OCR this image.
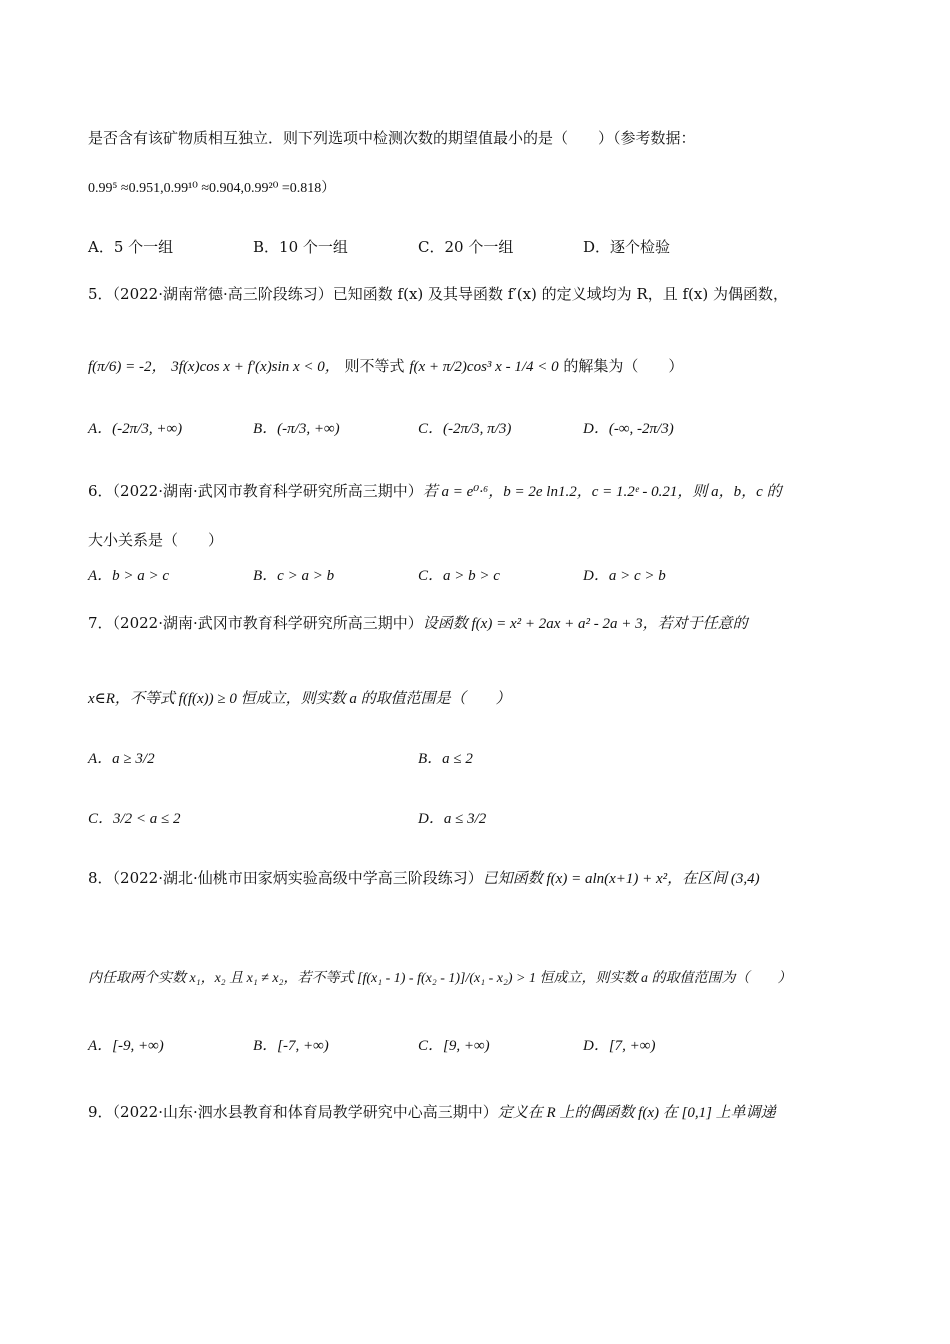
是否含有该矿物质相互独立．则下列选项中检测次数的期望值最小的是（　　）（参考数据：
0.99⁵ ≈0.951,0.99¹⁰ ≈0.904,0.99²⁰ =0.818）
A．5 个一组	B．10 个一组	C．20 个一组	D．逐个检验
5．（2022·湖南常德·高三阶段练习）已知函数 f(x) 及其导函数 f′(x) 的定义域均为 R，且 f(x) 为偶函数，
f(π/6) = -2， 3f(x)cos x + f′(x)sin x < 0， 则不等式 f(x + π/2)cos³ x - 1/4 < 0 的解集为（　　）
A．(-2π/3, +∞)	B．(-π/3, +∞)	C．(-2π/3, π/3)	D．(-∞, -2π/3)
6．（2022·湖南·武冈市教育科学研究所高三期中）若 a = e⁰·⁶，b = 2e ln1.2，c = 1.2ᵉ - 0.21，则 a，b，c 的
大小关系是（　　）
A．b > a > c	B．c > a > b	C．a > b > c	D．a > c > b
7．（2022·湖南·武冈市教育科学研究所高三期中）设函数 f(x) = x² + 2ax + a² - 2a + 3，若对于任意的
x∈R，不等式 f(f(x)) ≥ 0 恒成立，则实数 a 的取值范围是（　　）
A．a ≥ 3/2	B．a ≤ 2
C．3/2 < a ≤ 2	D．a ≤ 3/2
8．（2022·湖北·仙桃市田家炳实验高级中学高三阶段练习）已知函数 f(x) = aln(x+1) + x²，在区间 (3,4)
内任取两个实数 x₁，x₂ 且 x₁ ≠ x₂，若不等式 [f(x₁ - 1) - f(x₂ - 1)]/(x₁ - x₂) > 1 恒成立，则实数 a 的取值范围为（　　）
A．[-9, +∞)	B．[-7, +∞)	C．[9, +∞)	D．[7, +∞)
9．（2022·山东·泗水县教育和体育局教学研究中心高三期中）定义在 R 上的偶函数 f(x) 在 [0,1] 上单调递
